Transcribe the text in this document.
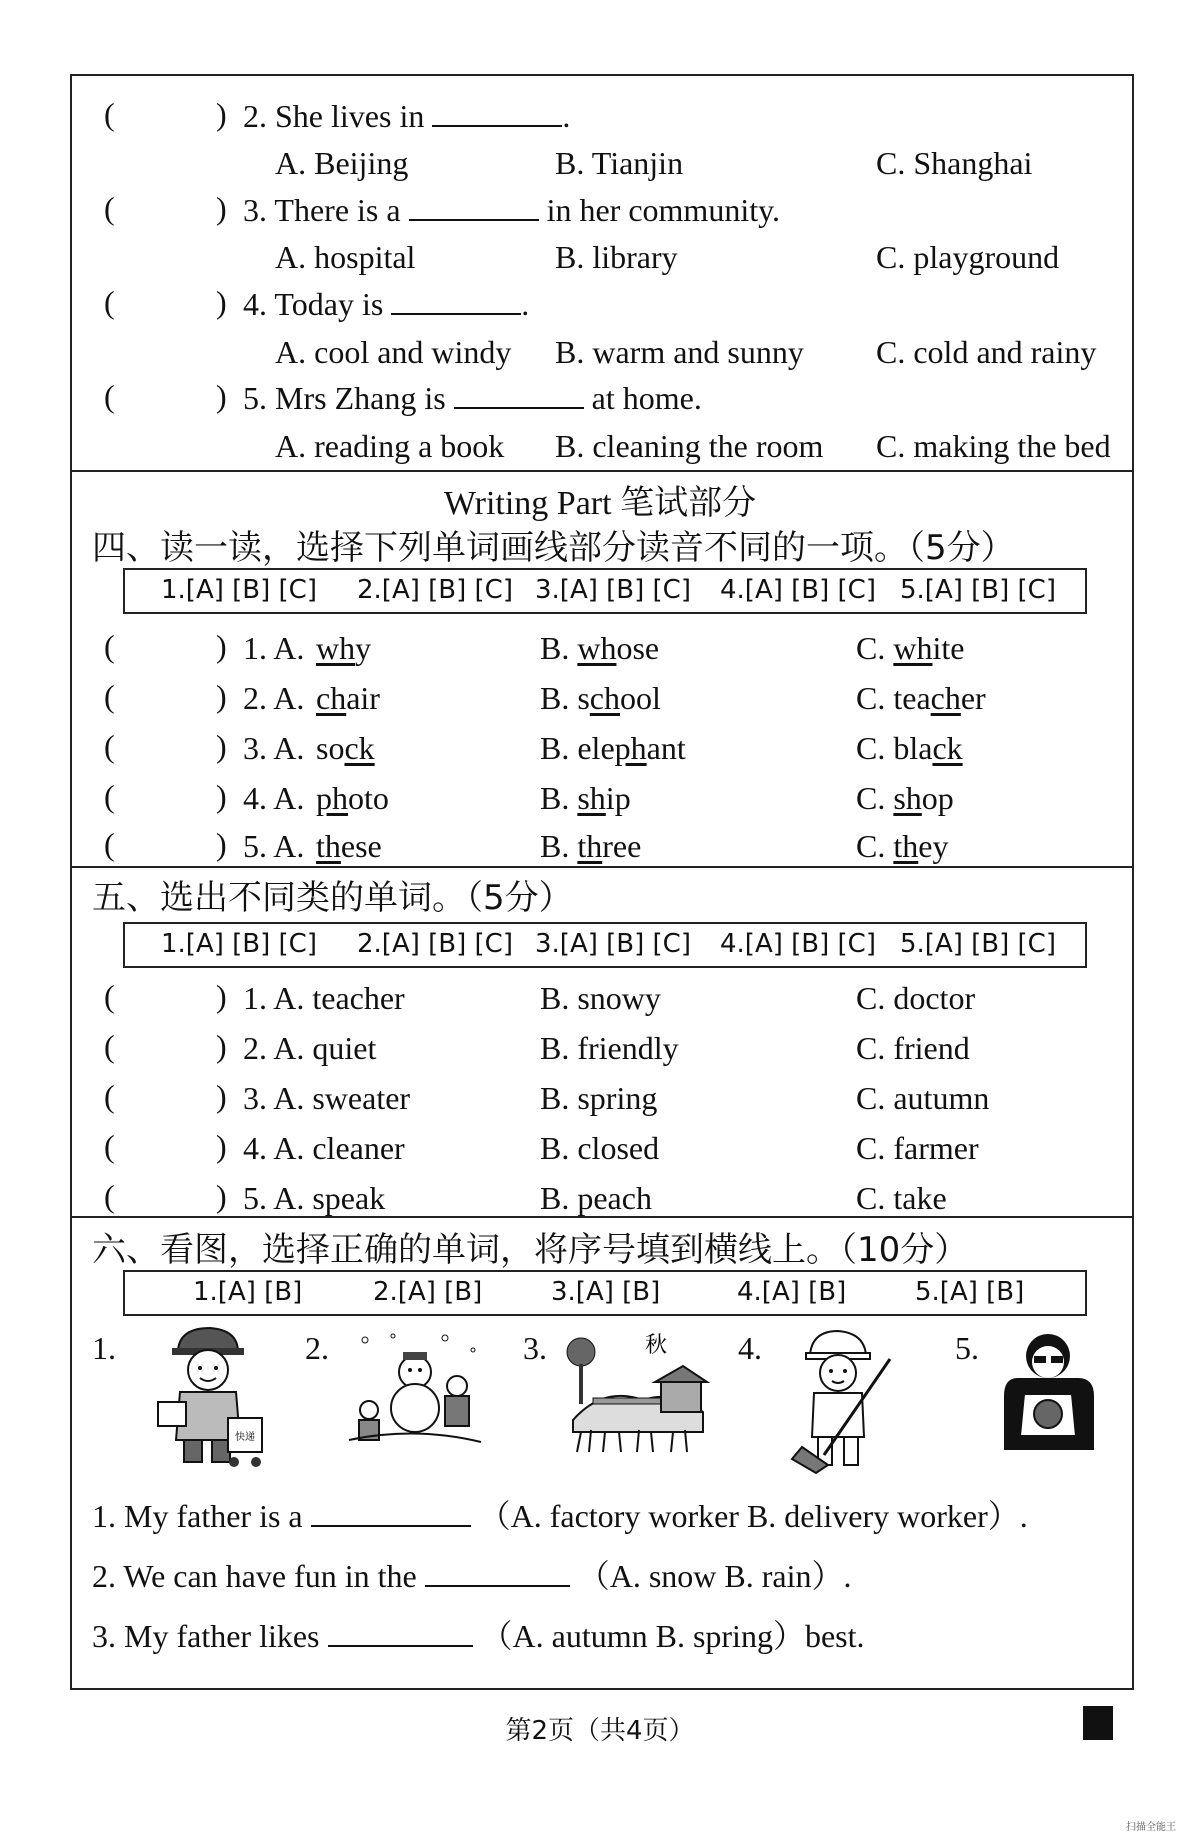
(	) 2. She lives in	.
A. Beijing	B. Tianjin	C. Shanghai
(	) 3. There is a	in her community.
A. hospital	B. library	C. playground
(	) 4. Today is	.
A. cool and windy B. warm and sunny C. cold and rainy
(	) 5. Mrs Zhang is	at home.
A. reading a book B. cleaning the room C. making the bed
Writing Part 笔试部分
四、读一读，选择下列单词画线部分读音不同的一项。（5分）
1.[A] [B] [C] 2.[A] [B] [C] 3.[A] [B] [C] 4.[A] [B] [C] 5.[A] [B] [C]
(	) 1. A. why	B. whose	C. white
(	) 2. A. chair	B. school	C. teacher
(	) 3. A. sock	B. elephant	C. black
(	) 4. A. photo	B. ship	C. shop
(	) 5. A. these	B. three	C. they
五、选出不同类的单词。（5分）
1.[A] [B] [C] 2.[A] [B] [C] 3.[A] [B] [C] 4.[A] [B] [C] 5.[A] [B] [C]
(	) 1. A. teacher	B. snowy	C. doctor
(	) 2. A. quiet	B. friendly	C. friend
(	) 3. A. sweater	B. spring	C. autumn
(	) 4. A. cleaner	B. closed	C. farmer
(	) 5. A. speak	B. peach	C. take
六、看图，选择正确的单词，将序号填到横线上。（10分）
1.[A] [B]	2.[A] [B]	3.[A] [B]	4.[A] [B]	5.[A] [B]
1.	2.	3.	4.	5.
快递
秋
1. My father is a	（A. factory worker B. delivery worker）.
2. We can have fun in the	（A. snow B. rain）.
3. My father likes	（A. autumn B. spring）best.
第2页（共4页）
扫描全能王
